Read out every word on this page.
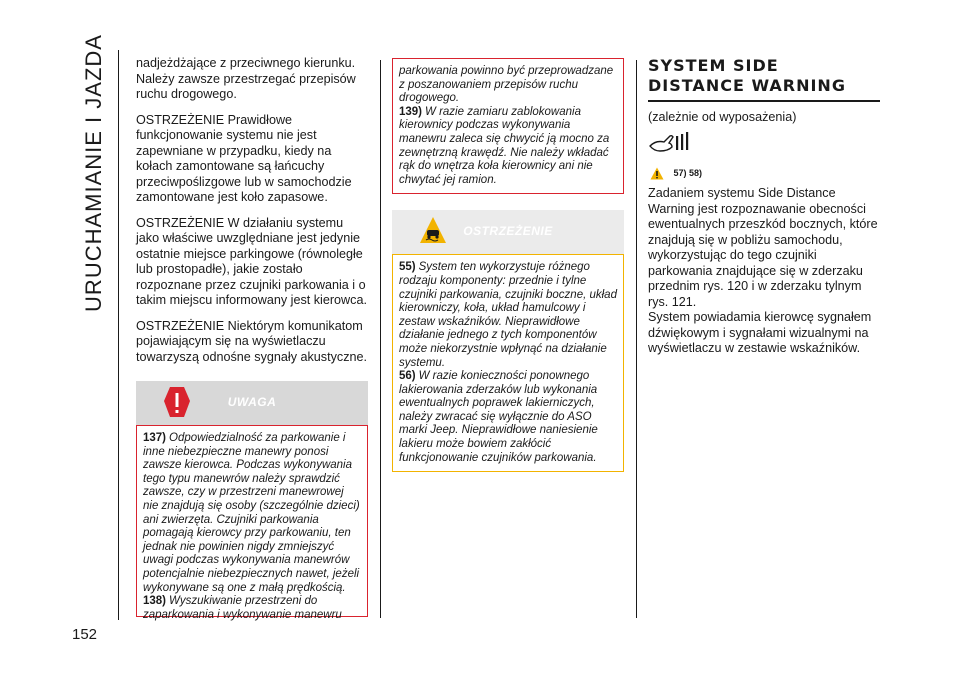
URUCHAMIANIE I JAZDA
152

nadjeżdżające z przeciwnego kierunku. Należy zawsze przestrzegać przepisów ruchu drogowego.

OSTRZEŻENIE Prawidłowe funkcjonowanie systemu nie jest zapewniane w przypadku, kiedy na kołach zamontowane są łańcuchy przeciwpoślizgowe lub w samochodzie zamontowane jest koło zapasowe.

OSTRZEŻENIE W działaniu systemu jako właściwe uwzględniane jest jedynie ostatnie miejsce parkingowe (równoległe lub prostopadłe), jakie zostało rozpoznane przez czujniki parkowania i o takim miejscu informowany jest kierowca.

OSTRZEŻENIE Niektórym komunikatom pojawiającym się na wyświetlaczu towarzyszą odnośne sygnały akustyczne.

UWAGA

137) Odpowiedzialność za parkowanie i inne niebezpieczne manewry ponosi zawsze kierowca. Podczas wykonywania tego typu manewrów należy sprawdzić zawsze, czy w przestrzeni manewrowej nie znajdują się osoby (szczególnie dzieci) ani zwierzęta. Czujniki parkowania pomagają kierowcy przy parkowaniu, ten jednak nie powinien nigdy zmniejszyć uwagi podczas wykonywania manewrów potencjalnie niebezpiecznych nawet, jeżeli wykonywane są one z małą prędkością.

138) Wyszukiwanie przestrzeni do zaparkowania i wykonywanie manewru

parkowania powinno być przeprowadzane z poszanowaniem przepisów ruchu drogowego.

139) W razie zamiaru zablokowania kierownicy podczas wykonywania manewru zaleca się chwycić ją mocno za zewnętrzną krawędź. Nie należy wkładać rąk do wnętrza koła kierownicy ani nie chwytać jej ramion.

OSTRZEŻENIE

55) System ten wykorzystuje różnego rodzaju komponenty: przednie i tylne czujniki parkowania, czujniki boczne, układ kierowniczy, koła, układ hamulcowy i zestaw wskaźników. Nieprawidłowe działanie jednego z tych komponentów może niekorzystnie wpłynąć na działanie systemu.

56) W razie konieczności ponownego lakierowania zderzaków lub wykonania ewentualnych poprawek lakierniczych, należy zwracać się wyłącznie do ASO marki Jeep. Nieprawidłowe naniesienie lakieru może bowiem zakłócić funkcjonowanie czujników parkowania.

SYSTEM SIDE DISTANCE WARNING

(zależnie od wyposażenia)

57) 58)

Zadaniem systemu Side Distance Warning jest rozpoznawanie obecności ewentualnych przeszkód bocznych, które znajdują się w pobliżu samochodu, wykorzystując do tego czujniki parkowania znajdujące się w zderzaku przednim rys. 120 i w zderzaku tylnym rys. 121.

System powiadamia kierowcę sygnałem dźwiękowym i sygnałami wizualnymi na wyświetlaczu w zestawie wskaźników.
